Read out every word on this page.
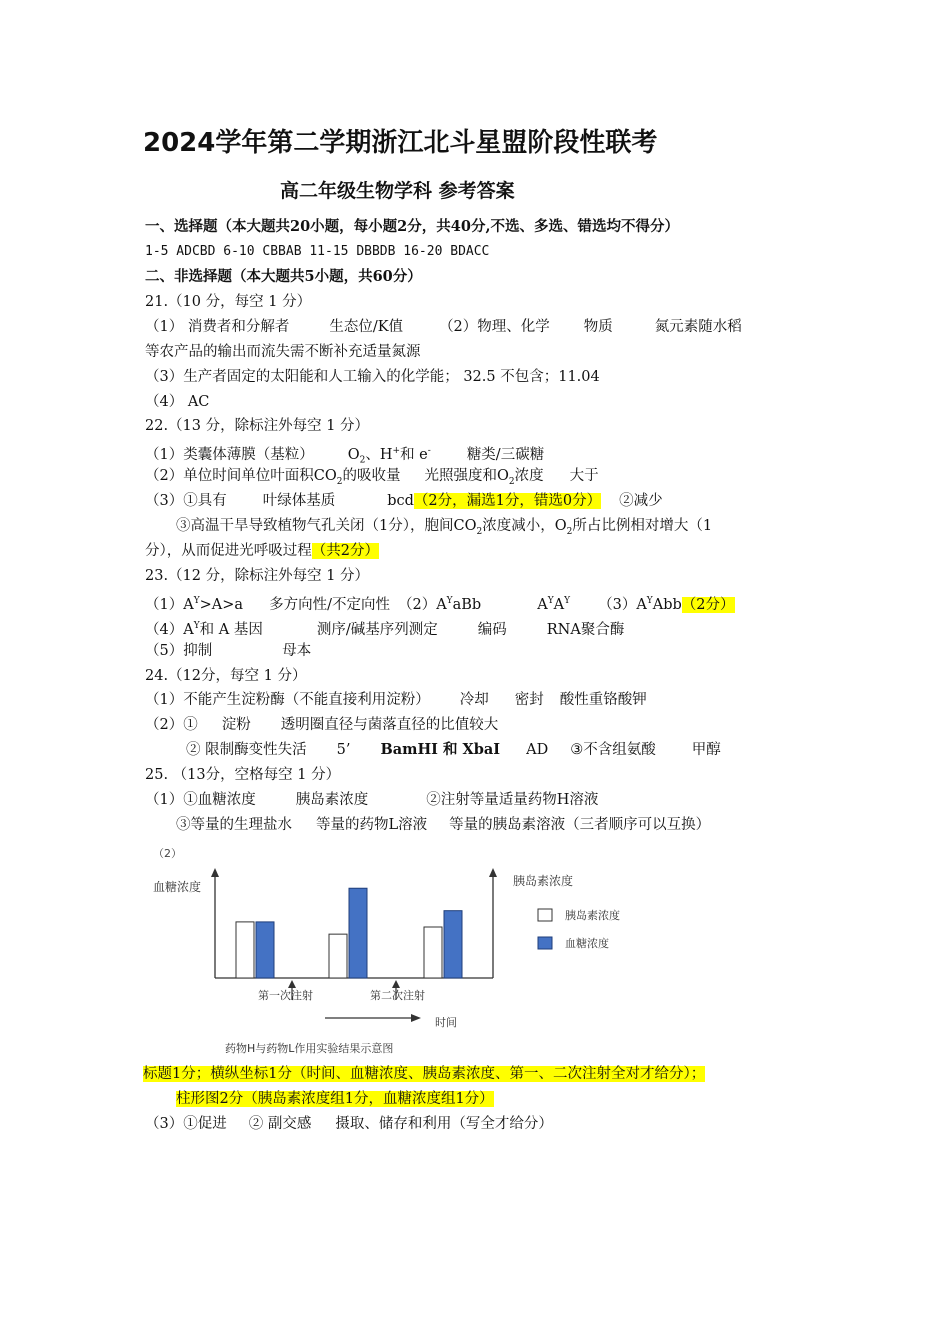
2024学年第二学期浙江北斗星盟阶段性联考
高二年级生物学科 参考答案
一、选择题（本大题共20小题，每小题2分，共40分,不选、多选、错选均不得分）
1-5 ADCBD 6-10 CBBAB 11-15 DBBDB 16-20 BDACC
二、非选择题（本大题共5小题，共60分）
21.（10 分，每空 1 分）
（1） 消费者和分解者	生态位/K值 （2）物理、化学 物质	氮元素随水稻
等农产品的输出而流失需不断补充适量氮源
（3）生产者固定的太阳能和人工输入的化学能； 32.5 不包含；11.04
（4） AC
22.（13 分，除标注外每空 1 分）
（1）类囊体薄膜（基粒） $O_2$、H+和 e- 糖类/三碳糖
（2）单位时间单位叶面积$CO_2$的吸收量 光照强度和$O_2$浓度 大于
（3）①具有 叶绿体基质	bcd（2分，漏选1分，错选0分） ②减少
③高温干旱导致植物气孔关闭（1分），胞间$CO_2$浓度减小，$O_2$所占比例相对增大（1
分），从而促进光呼吸过程（共2分）
23.（12 分，除标注外每空 1 分）
$(1)A^Y>A>a$ 多方向性/不定向性 $(2)A^YaBb$	$A^YA^Y$ $(3)A^YAbb(2$分）
$(4)A^Y$和 A 基因	测序/碱基序列测定	编码	RNA聚合酶
（5）抑制	母本
24.（12分，每空 1 分）
（1）不能产生淀粉酶（不能直接利用淀粉） 冷却 密封 酸性重铬酸钾
（2）① 淀粉 透明圈直径与菌落直径的比值较大
② 限制酶变性失活 5’ BamHI 和 XbaI AD ③不含组氨酸 甲醇
25. （13分，空格每空 1 分）
（1）①血糖浓度	胰岛素浓度	②注射等量适量药物H溶液
③等量的生理盐水 等量的药物L溶液 等量的胰岛素溶液（三者顺序可以互换）
（2）
血糖浓度	胰岛素浓度
第一次注射	第二次注射
时间
药物H与药物L作用实验结果示意图
胰岛素浓度
血糖浓度
标题1分；横纵坐标1分（时间、血糖浓度、胰岛素浓度、第一、二次注射全对才给分）；
柱形图2分（胰岛素浓度组1分，血糖浓度组1分）
（3）①促进 ② 副交感 摄取、储存和利用（写全才给分）
